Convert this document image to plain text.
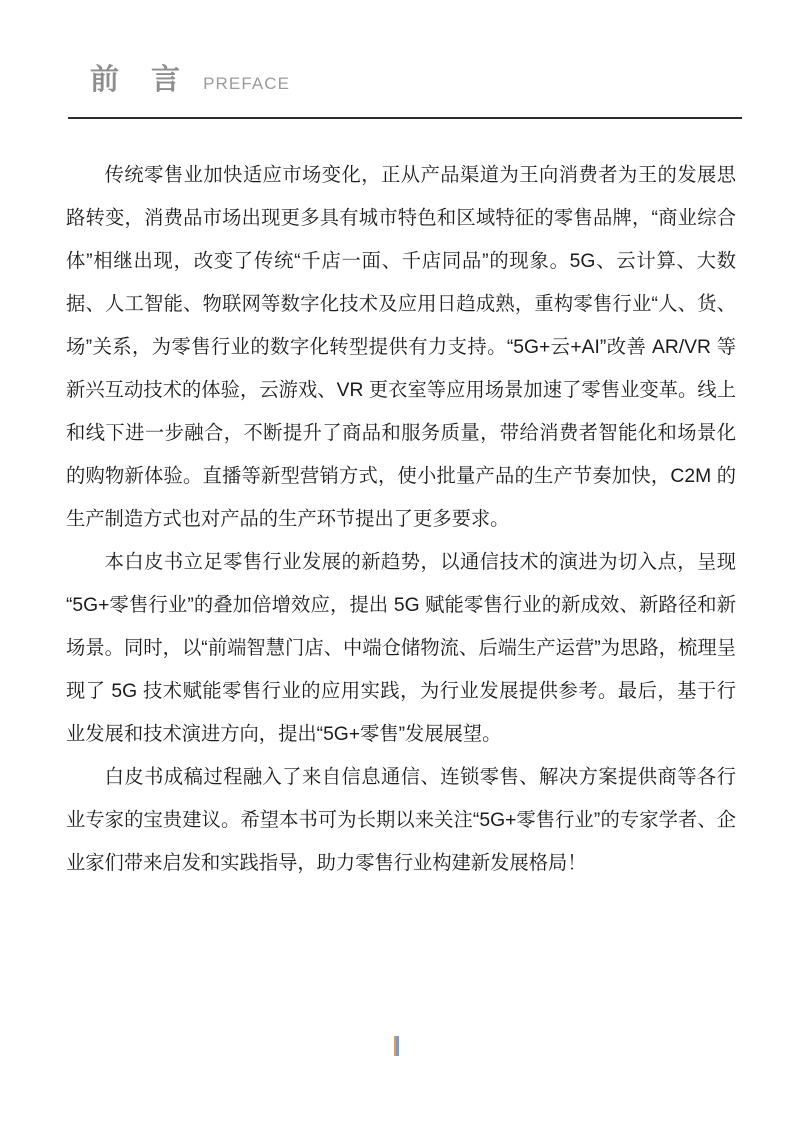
前 言 PREFACE

传统零售业加快适应市场变化，正从产品渠道为王向消费者为王的发展思路转变，消费品市场出现更多具有城市特色和区域特征的零售品牌，“商业综合体”相继出现，改变了传统“千店一面、千店同品”的现象。5G、云计算、大数据、人工智能、物联网等数字化技术及应用日趋成熟，重构零售行业“人、货、场”关系，为零售行业的数字化转型提供有力支持。“5G+云+AI”改善 AR/VR 等新兴互动技术的体验，云游戏、VR 更衣室等应用场景加速了零售业变革。线上和线下进一步融合，不断提升了商品和服务质量，带给消费者智能化和场景化的购物新体验。直播等新型营销方式，使小批量产品的生产节奏加快，C2M 的生产制造方式也对产品的生产环节提出了更多要求。

本白皮书立足零售行业发展的新趋势，以通信技术的演进为切入点，呈现“5G+零售行业”的叠加倍增效应，提出 5G 赋能零售行业的新成效、新路径和新场景。同时，以“前端智慧门店、中端仓储物流、后端生产运营”为思路，梳理呈现了 5G 技术赋能零售行业的应用实践，为行业发展提供参考。最后，基于行业发展和技术演进方向，提出“5G+零售”发展展望。

白皮书成稿过程融入了来自信息通信、连锁零售、解决方案提供商等各行业专家的宝贵建议。希望本书可为长期以来关注“5G+零售行业”的专家学者、企业家们带来启发和实践指导，助力零售行业构建新发展格局！
